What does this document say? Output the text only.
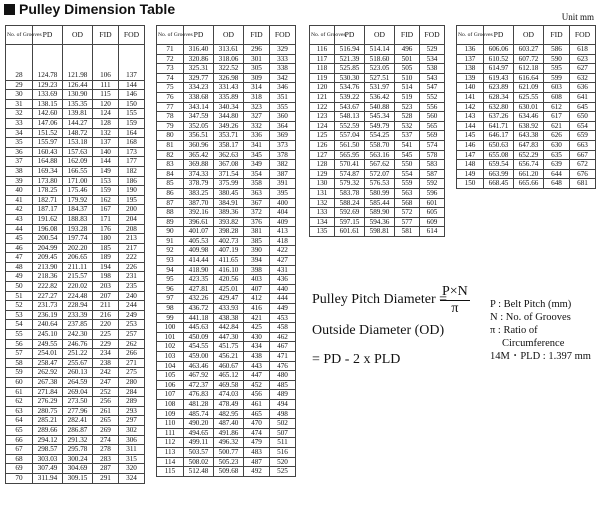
Pulley Dimension Table	Unit mm
No. of Grooves	PD	OD	FID	FOD
28	124.78	121.98	106	137
29	129.23	126.44	111	144
30	133.69	130.90	115	146
31	138.15	135.35	120	150
32	142.60	139.81	124	155
33	147.06	144.27	128	159
34	151.52	148.72	132	164
35	155.97	153.18	137	168
36	160.43	157.63	140	173
37	164.88	162.09	144	177
38	169.34	166.55	149	182
39	173.80	171.00	153	186
40	178.25	175.46	159	190
41	182.71	179.92	162	195
42	187.17	184.37	167	200
43	191.62	188.83	171	204
44	196.08	193.28	176	208
45	200.54	197.74	180	213
46	204.99	202.20	185	217
47	209.45	206.65	189	222
48	213.90	211.11	194	226
49	218.36	215.57	198	231
50	222.82	220.02	203	235
51	227.27	224.48	207	240
52	231.73	228.94	211	244
53	236.19	233.39	216	249
54	240.64	237.85	220	253
55	245.10	242.30	225	257
56	249.55	246.76	229	262
57	254.01	251.22	234	266
58	258.47	255.67	238	271
59	262.92	260.13	242	275
60	267.38	264.59	247	280
61	271.84	269.04	252	284
62	276.29	273.50	256	289
63	280.75	277.96	261	293
64	285.21	282.41	265	297
65	289.66	286.87	269	302
66	294.12	291.32	274	306
67	298.57	295.78	278	311
68	303.03	300.24	283	315
69	307.49	304.69	287	320
70	311.94	309.15	291	324
No. of Grooves	PD	OD	FID	FOD
71	316.40	313.61	296	329
72	320.86	318.06	301	333
73	325.31	322.52	305	338
74	329.77	326.98	309	342
75	334.23	331.43	314	346
76	338.68	335.89	318	351
77	343.14	340.34	323	355
78	347.59	344.80	327	360
79	352.05	349.26	332	364
80	356.51	353.71	336	369
81	360.96	358.17	341	373
82	365.42	362.63	345	378
83	369.88	367.08	349	382
84	374.33	371.54	354	387
85	378.79	375.99	358	391
86	383.25	380.45	363	395
87	387.70	384.91	367	400
88	392.16	389.36	372	404
89	396.61	393.82	376	409
90	401.07	398.28	381	413
91	405.53	402.73	385	418
92	409.98	407.19	390	422
93	414.44	411.65	394	427
94	418.90	416.10	398	431
95	423.35	420.56	403	436
96	427.81	425.01	407	440
97	432.26	429.47	412	444
98	436.72	433.93	416	449
99	441.18	438.38	421	453
100	445.63	442.84	425	458
101	450.09	447.30	430	462
102	454.55	451.75	434	467
103	459.00	456.21	438	471
104	463.46	460.67	443	476
105	467.92	465.12	447	480
106	472.37	469.58	452	485
107	476.83	474.03	456	489
108	481.28	478.49	461	494
109	485.74	482.95	465	498
110	490.20	487.40	470	502
111	494.65	491.86	474	507
112	499.11	496.32	479	511
113	503.57	500.77	483	516
114	508.02	505.23	487	520
115	512.48	509.68	492	525
No. of Grooves	PD	OD	FID	FOD
116	516.94	514.14	496	529
117	521.39	518.60	501	534
118	525.85	523.05	505	538
119	530.30	527.51	510	543
120	534.76	531.97	514	547
121	539.22	536.42	519	552
122	543.67	540.88	523	556
123	548.13	545.34	528	560
124	552.59	549.79	532	565
125	557.04	554.25	537	569
126	561.50	558.70	541	574
127	565.95	563.16	545	578
128	570.41	567.62	550	583
129	574.87	572.07	554	587
130	579.32	576.53	559	592
131	583.78	580.99	563	596
132	588.24	585.44	568	601
133	592.69	589.90	572	605
134	597.15	594.36	577	609
135	601.61	598.81	581	614
No. of Grooves	PD	OD	FID	FOD
136	606.06	603.27	586	618
137	610.52	607.72	590	623
138	614.97	612.18	595	627
139	619.43	616.64	599	632
140	623.89	621.09	603	636
141	628.34	625.55	608	641
142	632.80	630.01	612	645
143	637.26	634.46	617	650
144	641.71	638.92	621	654
145	646.17	643.38	626	659
146	650.63	647.83	630	663
147	655.08	652.29	635	667
148	659.54	656.74	639	672
149	663.99	661.20	644	676
150	668.45	665.66	648	681
Pulley Pitch Diameter =
$\frac{P\times N}{\pi}$
Outside Diameter (OD)
= PD - 2 x PLD
P : Belt Pitch (mm)
N : No. of Grooves
π : Ratio of
Circumference
14M・PLD : 1.397 mm
